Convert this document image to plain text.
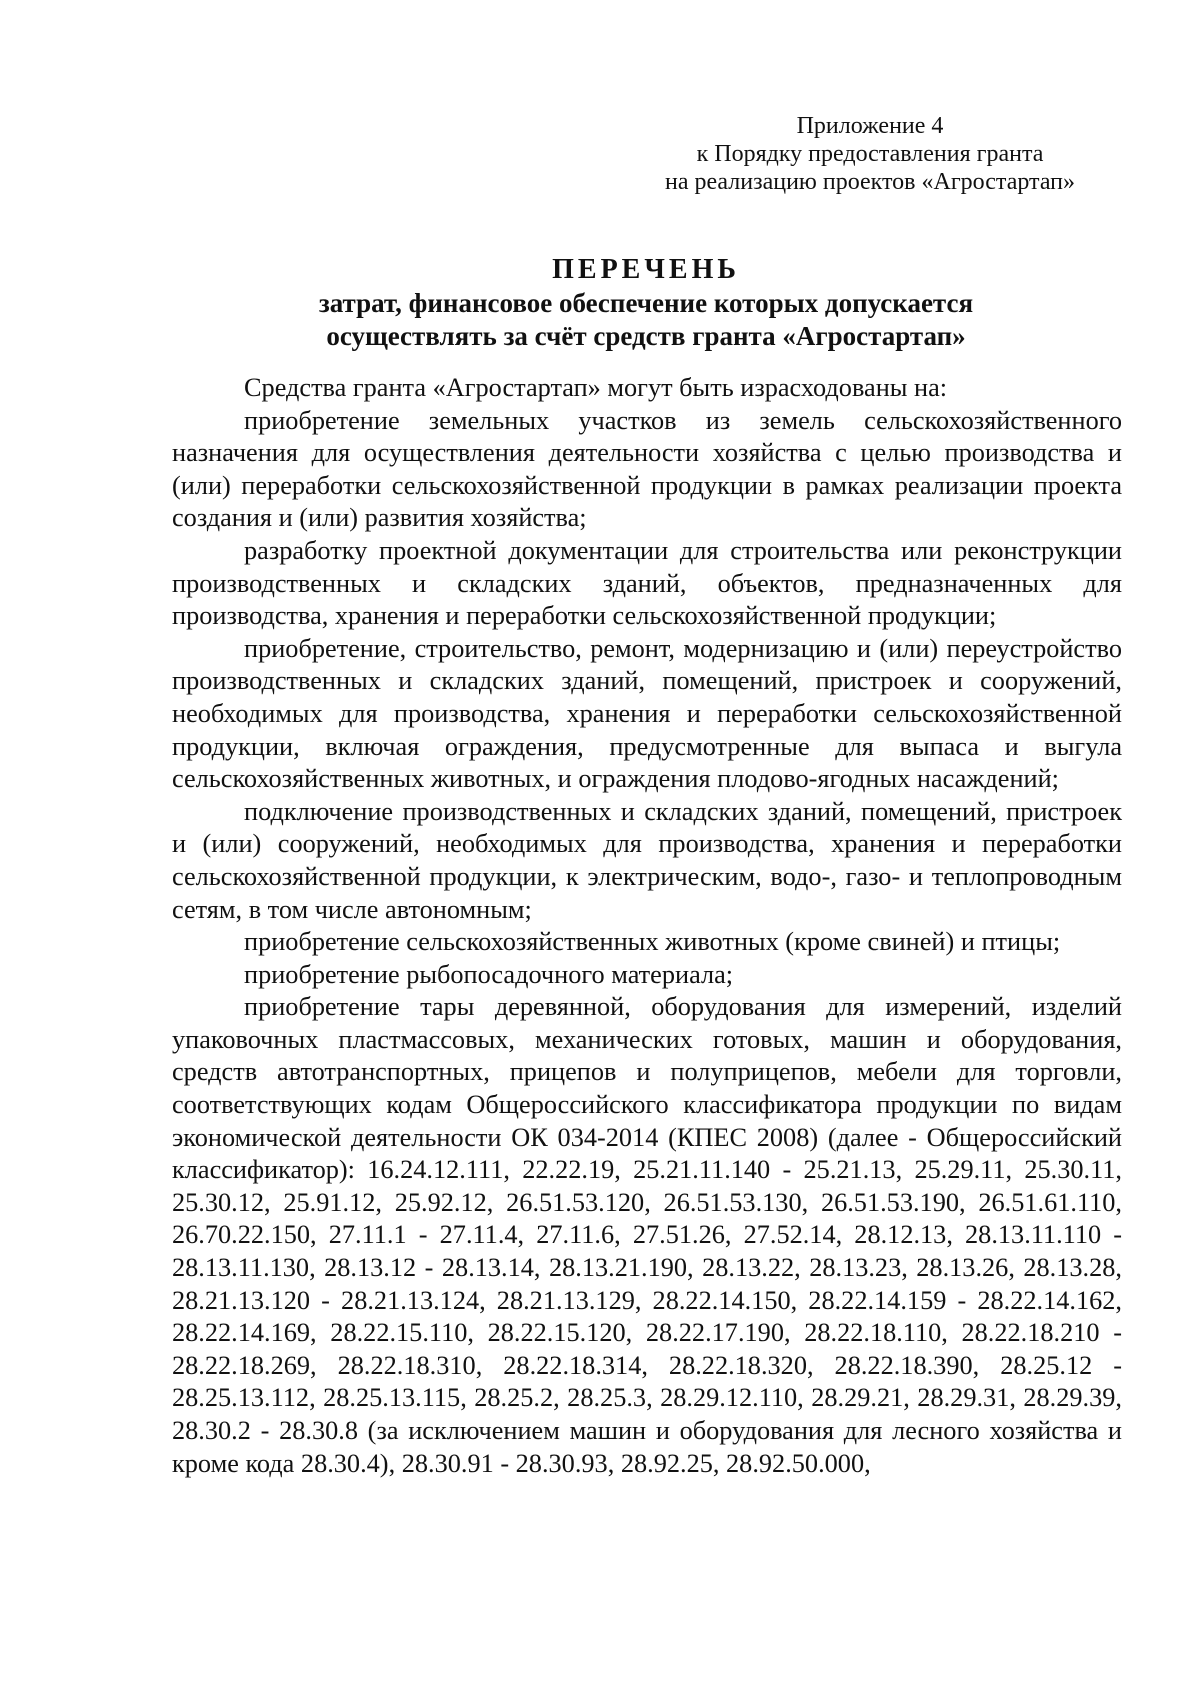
Приложение 4
к Порядку предоставления гранта
на реализацию проектов «Агростартап»
ПЕРЕЧЕНЬ
затрат, финансовое обеспечение которых допускается
осуществлять за счёт средств гранта «Агростартап»

Средства гранта «Агростартап» могут быть израсходованы на:

приобретение земельных участков из земель сельскохозяйственного назначения для осуществления деятельности хозяйства с целью производства и (или) переработки сельскохозяйственной продукции в рамках реализации проекта создания и (или) развития хозяйства;

разработку проектной документации для строительства или реконструкции производственных и складских зданий, объектов, предназначенных для производства, хранения и переработки сельскохозяйственной продукции;

приобретение, строительство, ремонт, модернизацию и (или) переустройство производственных и складских зданий, помещений, пристроек и сооружений, необходимых для производства, хранения и переработки сельскохозяйственной продукции, включая ограждения, предусмотренные для выпаса и выгула сельскохозяйственных животных, и ограждения плодово-ягодных насаждений;

подключение производственных и складских зданий, помещений, пристроек и (или) сооружений, необходимых для производства, хранения и переработки сельскохозяйственной продукции, к электрическим, водо-, газо- и теплопроводным сетям, в том числе автономным;

приобретение сельскохозяйственных животных (кроме свиней) и птицы;

приобретение рыбопосадочного материала;

приобретение тары деревянной, оборудования для измерений, изделий упаковочных пластмассовых, механических готовых, машин и оборудования, средств автотранспортных, прицепов и полуприцепов, мебели для торговли, соответствующих кодам Общероссийского классификатора продукции по видам экономической деятельности ОК 034-2014 (КПЕС 2008) (далее - Общероссийский классификатор): 16.24.12.111, 22.22.19, 25.21.11.140 - 25.21.13, 25.29.11, 25.30.11, 25.30.12, 25.91.12, 25.92.12, 26.51.53.120, 26.51.53.130, 26.51.53.190, 26.51.61.110, 26.70.22.150, 27.11.1 - 27.11.4, 27.11.6, 27.51.26, 27.52.14, 28.12.13, 28.13.11.110 - 28.13.11.130, 28.13.12 - 28.13.14, 28.13.21.190, 28.13.22, 28.13.23, 28.13.26, 28.13.28, 28.21.13.120 - 28.21.13.124, 28.21.13.129, 28.22.14.150, 28.22.14.159 - 28.22.14.162, 28.22.14.169, 28.22.15.110, 28.22.15.120, 28.22.17.190, 28.22.18.110, 28.22.18.210 - 28.22.18.269, 28.22.18.310, 28.22.18.314, 28.22.18.320, 28.22.18.390, 28.25.12 - 28.25.13.112, 28.25.13.115, 28.25.2, 28.25.3, 28.29.12.110, 28.29.21, 28.29.31, 28.29.39, 28.30.2 - 28.30.8 (за исключением машин и оборудования для лесного хозяйства и кроме кода 28.30.4), 28.30.91 - 28.30.93, 28.92.25, 28.92.50.000,
